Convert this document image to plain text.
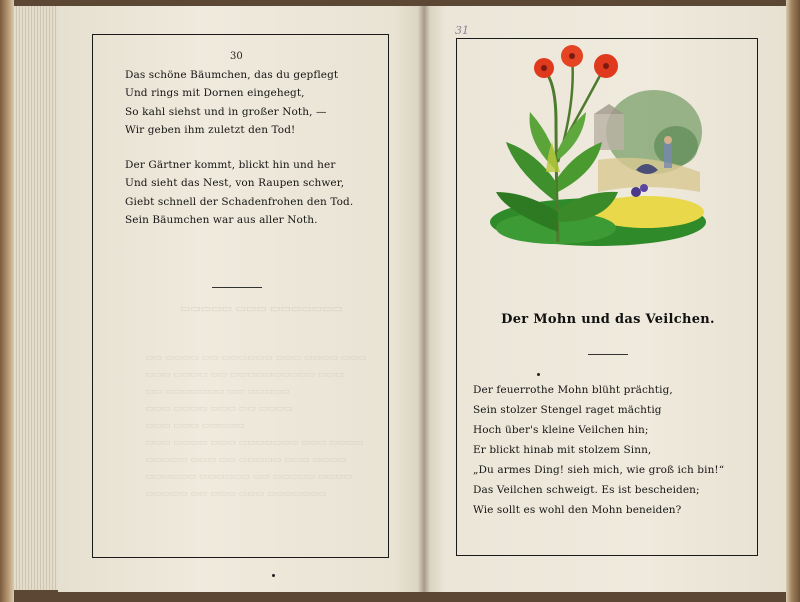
▭▭▭▭▭ ▭▭▭ ▭▭▭▭▭▭▭
▭▭ ▭▭▭▭ ▭▭ ▭▭▭▭▭▭ ▭▭▭ ▭▭▭▭ ▭▭▭
▭▭▭ ▭▭▭▭ ▭▭ ▭▭▭▭▭▭▭▭▭▭ ▭▭▭
▭▭ ▭▭▭▭▭▭▭ ▭▭ ▭▭▭▭▭
▭▭▭ ▭▭▭▭ ▭▭▭ ▭▭ ▭▭▭▭
▭▭▭ ▭▭▭ ▭▭▭▭▭
▭▭▭ ▭▭▭▭ ▭▭▭ ▭▭▭▭▭▭▭ ▭▭▭ ▭▭▭▭
▭▭▭▭▭ ▭▭▭ ▭▭ ▭▭▭▭▭ ▭▭▭ ▭▭▭▭
▭▭▭▭▭▭ ▭▭▭▭▭▭ ▭▭ ▭▭▭▭▭ ▭▭▭▭
▭▭▭▭▭ ▭▭ ▭▭▭ ▭▭▭ ▭▭▭▭▭▭▭
30
Das schöne Bäumchen, das du gepflegt
Und rings mit Dornen eingehegt,
So kahl siehst und in großer Noth, —
Wir geben ihm zuletzt den Tod!
Der Gärtner kommt, blickt hin und her
Und sieht das Nest, von Raupen schwer,
Giebt schnell der Schadenfrohen den Tod.
Sein Bäumchen war aus aller Noth.
31
Der Mohn und das Veilchen.
Der feuerrothe Mohn blüht prächtig,
Sein stolzer Stengel raget mächtig
Hoch über's kleine Veilchen hin;
Er blickt hinab mit stolzem Sinn,
„Du armes Ding! sieh mich, wie groß ich bin!“
Das Veilchen schweigt. Es ist bescheiden;
Wie sollt es wohl den Mohn beneiden?
